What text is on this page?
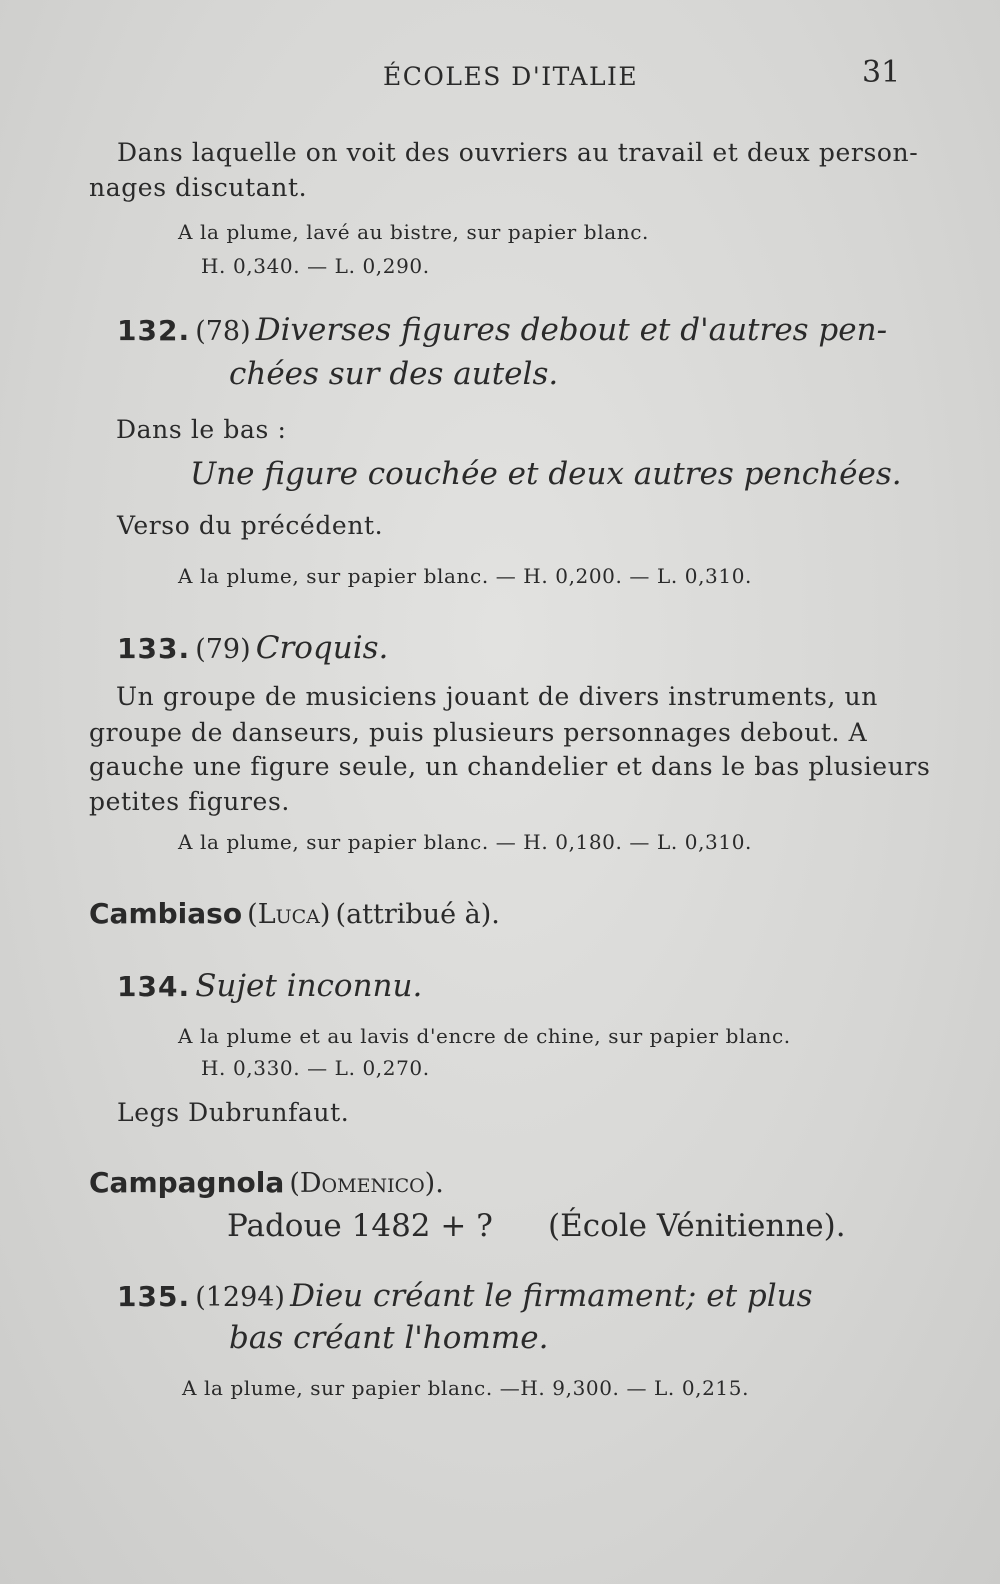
ÉCOLES D'ITALIE	31
Dans laquelle on voit des ouvriers au travail et deux person-
nages discutant.
A la plume, lavé au bistre, sur papier blanc.
H. 0,340. — L. 0,290.
132. (78) Diverses figures debout et d'autres pen-
chées sur des autels.
Dans le bas :
Une figure couchée et deux autres penchées.
Verso du précédent.
A la plume, sur papier blanc. — H. 0,200. — L. 0,310.
133. (79) Croquis.
Un groupe de musiciens jouant de divers instruments, un
groupe de danseurs, puis plusieurs personnages debout. A
gauche une figure seule, un chandelier et dans le bas plusieurs
petites figures.
A la plume, sur papier blanc. — H. 0,180. — L. 0,310.
Cambiaso (Luca) (attribué à).
134. Sujet inconnu.
A la plume et au lavis d'encre de chine, sur papier blanc.
H. 0,330. — L. 0,270.
Legs Dubrunfaut.
Campagnola (Domenico).
Padoue 1482 + ? (École Vénitienne).
135. (1294) Dieu créant le firmament; et plus
bas créant l'homme.
A la plume, sur papier blanc. —H. 9,300. — L. 0,215.
